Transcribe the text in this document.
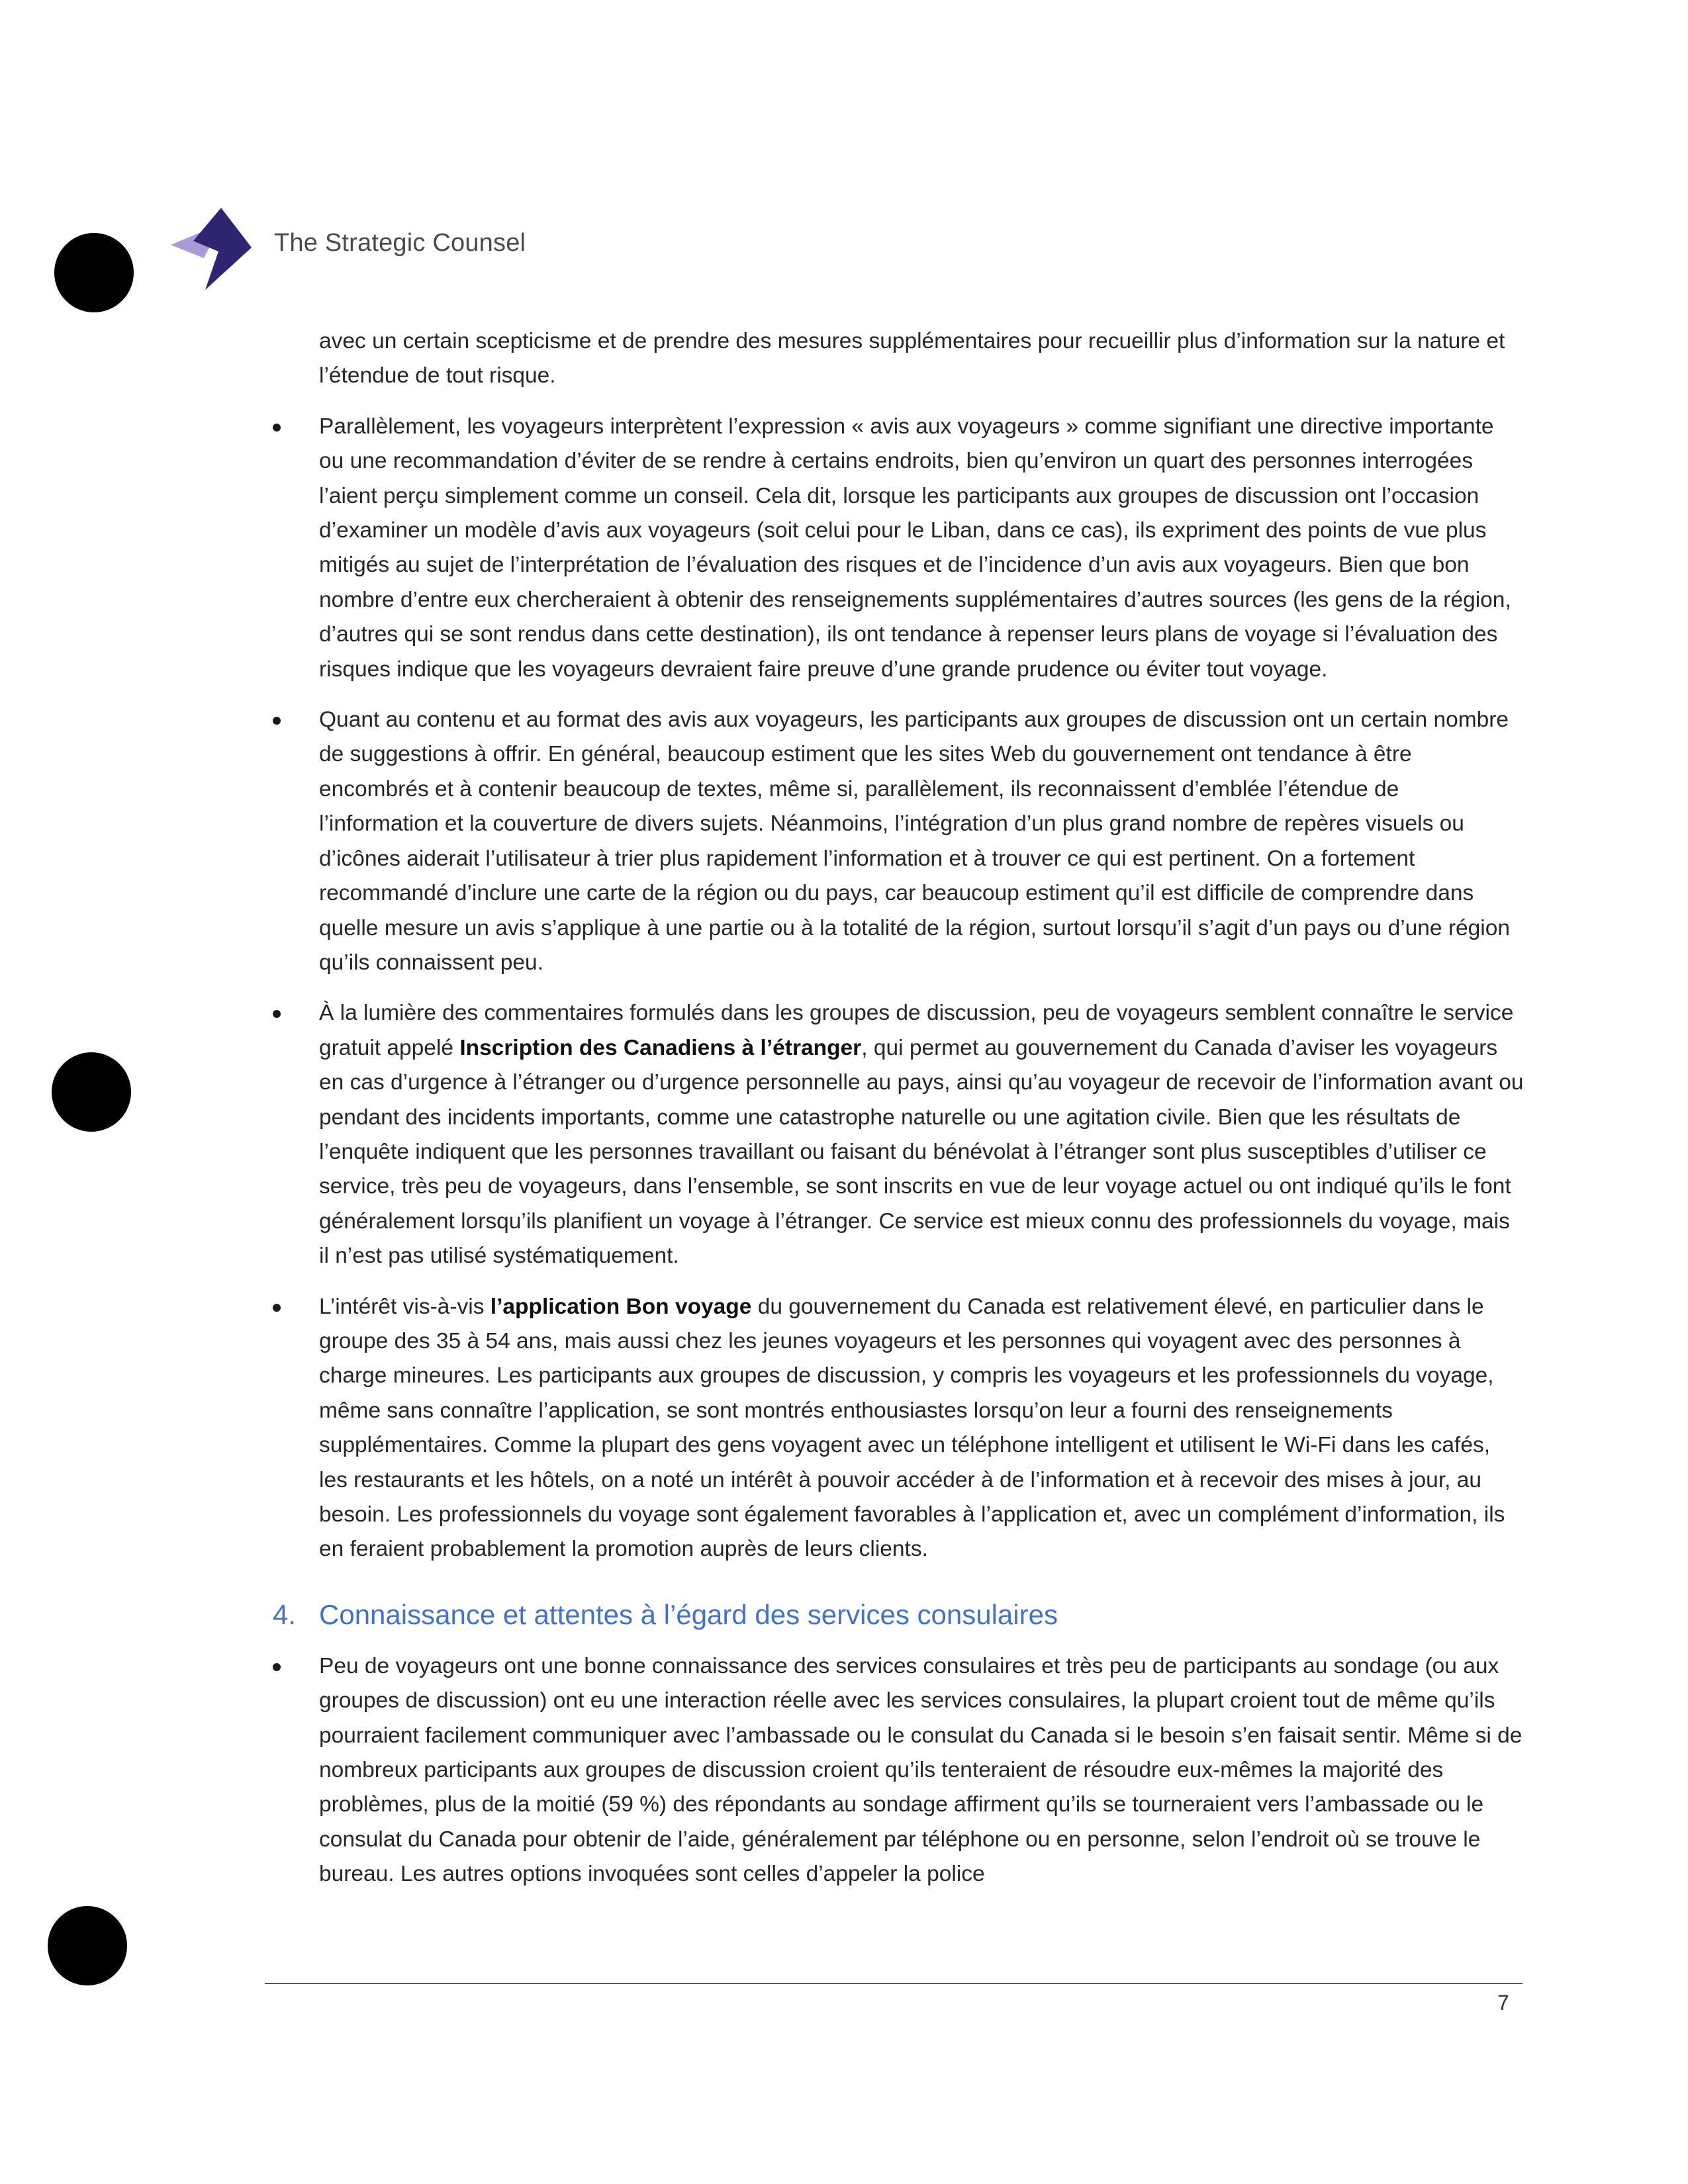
The Strategic Counsel

avec un certain scepticisme et de prendre des mesures supplémentaires pour recueillir plus d’information sur la nature et l’étendue de tout risque.

Parallèlement, les voyageurs interprètent l’expression « avis aux voyageurs » comme signifiant une directive importante ou une recommandation d’éviter de se rendre à certains endroits, bien qu’environ un quart des personnes interrogées l’aient perçu simplement comme un conseil. Cela dit, lorsque les participants aux groupes de discussion ont l’occasion d’examiner un modèle d’avis aux voyageurs (soit celui pour le Liban, dans ce cas), ils expriment des points de vue plus mitigés au sujet de l’interprétation de l’évaluation des risques et de l’incidence d’un avis aux voyageurs. Bien que bon nombre d’entre eux chercheraient à obtenir des renseignements supplémentaires d’autres sources (les gens de la région, d’autres qui se sont rendus dans cette destination), ils ont tendance à repenser leurs plans de voyage si l’évaluation des risques indique que les voyageurs devraient faire preuve d’une grande prudence ou éviter tout voyage.
Quant au contenu et au format des avis aux voyageurs, les participants aux groupes de discussion ont un certain nombre de suggestions à offrir. En général, beaucoup estiment que les sites Web du gouvernement ont tendance à être encombrés et à contenir beaucoup de textes, même si, parallèlement, ils reconnaissent d’emblée l’étendue de l’information et la couverture de divers sujets. Néanmoins, l’intégration d’un plus grand nombre de repères visuels ou d’icônes aiderait l’utilisateur à trier plus rapidement l’information et à trouver ce qui est pertinent. On a fortement recommandé d’inclure une carte de la région ou du pays, car beaucoup estiment qu’il est difficile de comprendre dans quelle mesure un avis s’applique à une partie ou à la totalité de la région, surtout lorsqu’il s’agit d’un pays ou d’une région qu’ils connaissent peu.
À la lumière des commentaires formulés dans les groupes de discussion, peu de voyageurs semblent connaître le service gratuit appelé Inscription des Canadiens à l’étranger, qui permet au gouvernement du Canada d’aviser les voyageurs en cas d’urgence à l’étranger ou d’urgence personnelle au pays, ainsi qu’au voyageur de recevoir de l’information avant ou pendant des incidents importants, comme une catastrophe naturelle ou une agitation civile. Bien que les résultats de l’enquête indiquent que les personnes travaillant ou faisant du bénévolat à l’étranger sont plus susceptibles d’utiliser ce service, très peu de voyageurs, dans l’ensemble, se sont inscrits en vue de leur voyage actuel ou ont indiqué qu’ils le font généralement lorsqu’ils planifient un voyage à l’étranger. Ce service est mieux connu des professionnels du voyage, mais il n’est pas utilisé systématiquement.
L’intérêt vis-à-vis l’application Bon voyage du gouvernement du Canada est relativement élevé, en particulier dans le groupe des 35 à 54 ans, mais aussi chez les jeunes voyageurs et les personnes qui voyagent avec des personnes à charge mineures. Les participants aux groupes de discussion, y compris les voyageurs et les professionnels du voyage, même sans connaître l’application, se sont montrés enthousiastes lorsqu’on leur a fourni des renseignements supplémentaires. Comme la plupart des gens voyagent avec un téléphone intelligent et utilisent le Wi-Fi dans les cafés, les restaurants et les hôtels, on a noté un intérêt à pouvoir accéder à de l’information et à recevoir des mises à jour, au besoin. Les professionnels du voyage sont également favorables à l’application et, avec un complément d’information, ils en feraient probablement la promotion auprès de leurs clients.
4. Connaissance et attentes à l’égard des services consulaires
Peu de voyageurs ont une bonne connaissance des services consulaires et très peu de participants au sondage (ou aux groupes de discussion) ont eu une interaction réelle avec les services consulaires, la plupart croient tout de même qu’ils pourraient facilement communiquer avec l’ambassade ou le consulat du Canada si le besoin s’en faisait sentir. Même si de nombreux participants aux groupes de discussion croient qu’ils tenteraient de résoudre eux-mêmes la majorité des problèmes, plus de la moitié (59 %) des répondants au sondage affirment qu’ils se tourneraient vers l’ambassade ou le consulat du Canada pour obtenir de l’aide, généralement par téléphone ou en personne, selon l’endroit où se trouve le bureau. Les autres options invoquées sont celles d’appeler la police
7
